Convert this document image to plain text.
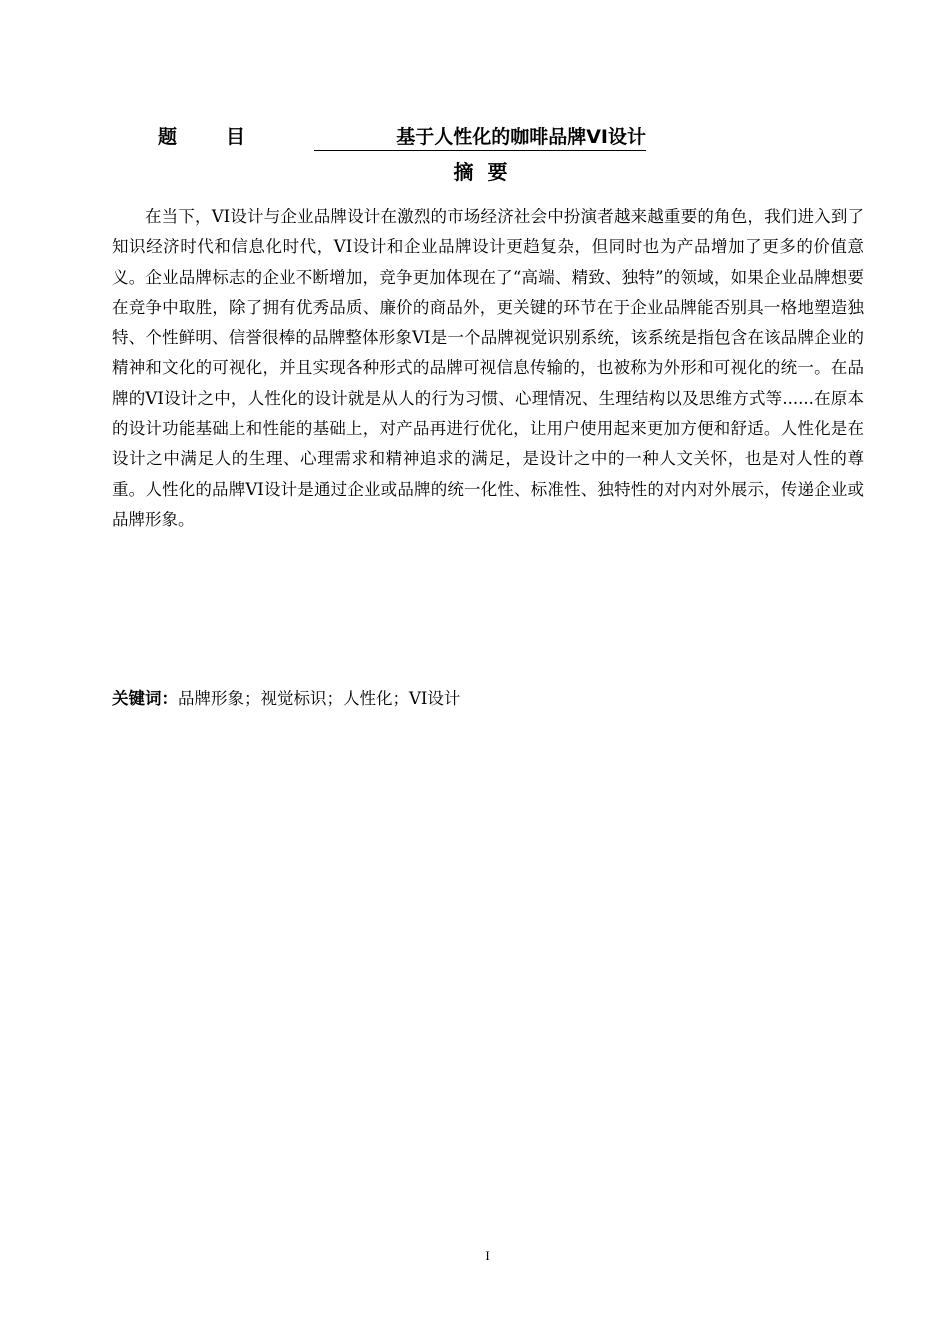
题	目	基于人性化的咖啡品牌VI设计
摘要

在当下，VI设计与企业品牌设计在激烈的市场经济社会中扮演者越来越重要的角色，我们进入到了知识经济时代和信息化时代，VI设计和企业品牌设计更趋复杂，但同时也为产品增加了更多的价值意义。企业品牌标志的企业不断增加，竞争更加体现在了“高端、精致、独特”的领域，如果企业品牌想要在竞争中取胜，除了拥有优秀品质、廉价的商品外，更关键的环节在于企业品牌能否别具一格地塑造独特、个性鲜明、信誉很棒的品牌整体形象VI是一个品牌视觉识别系统，该系统是指包含在该品牌企业的精神和文化的可视化，并且实现各种形式的品牌可视信息传输的，也被称为外形和可视化的统一。在品牌的VI设计之中，人性化的设计就是从人的行为习惯、心理情况、生理结构以及思维方式等......在原本的设计功能基础上和性能的基础上，对产品再进行优化，让用户使用起来更加方便和舒适。人性化是在设计之中满足人的生理、心理需求和精神追求的满足，是设计之中的一种人文关怀，也是对人性的尊重。人性化的品牌VI设计是通过企业或品牌的统一化性、标准性、独特性的对内对外展示，传递企业或品牌形象。

关键词：品牌形象；视觉标识；人性化；VI设计
I
